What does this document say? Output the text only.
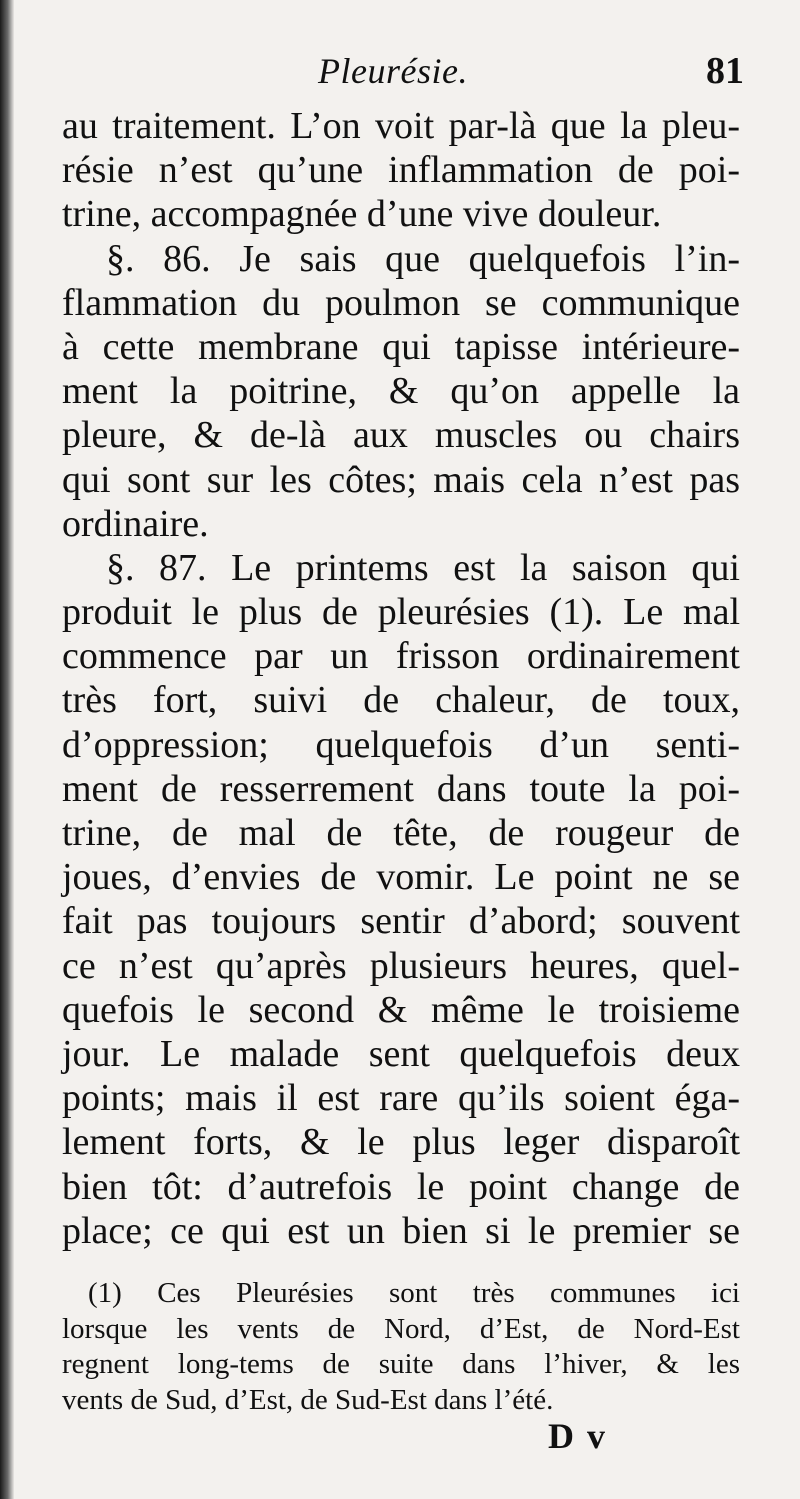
Pleurésie.	81
au traitement. L’on voit par-là que la pleu-
résie n’est qu’une inflammation de poi-
trine, accompagnée d’une vive douleur.
§. 86. Je sais que quelquefois l’in-
flammation du poulmon se communique
à cette membrane qui tapisse intérieure-
ment la poitrine, & qu’on appelle la
pleure, & de-là aux muscles ou chairs
qui sont sur les côtes; mais cela n’est pas
ordinaire.
§. 87. Le printems est la saison qui
produit le plus de pleurésies (1). Le mal
commence par un frisson ordinairement
très fort, suivi de chaleur, de toux,
d’oppression; quelquefois d’un senti-
ment de resserrement dans toute la poi-
trine, de mal de tête, de rougeur de
joues, d’envies de vomir. Le point ne se
fait pas toujours sentir d’abord; souvent
ce n’est qu’après plusieurs heures, quel-
quefois le second & même le troisieme
jour. Le malade sent quelquefois deux
points; mais il est rare qu’ils soient éga-
lement forts, & le plus leger disparoît
bien tôt: d’autrefois le point change de
place; ce qui est un bien si le premier se
(1) Ces Pleurésies sont très communes ici
lorsque les vents de Nord, d’Est, de Nord-Est
regnent long-tems de suite dans l’hiver, & les
vents de Sud, d’Est, de Sud-Est dans l’été.
D v
